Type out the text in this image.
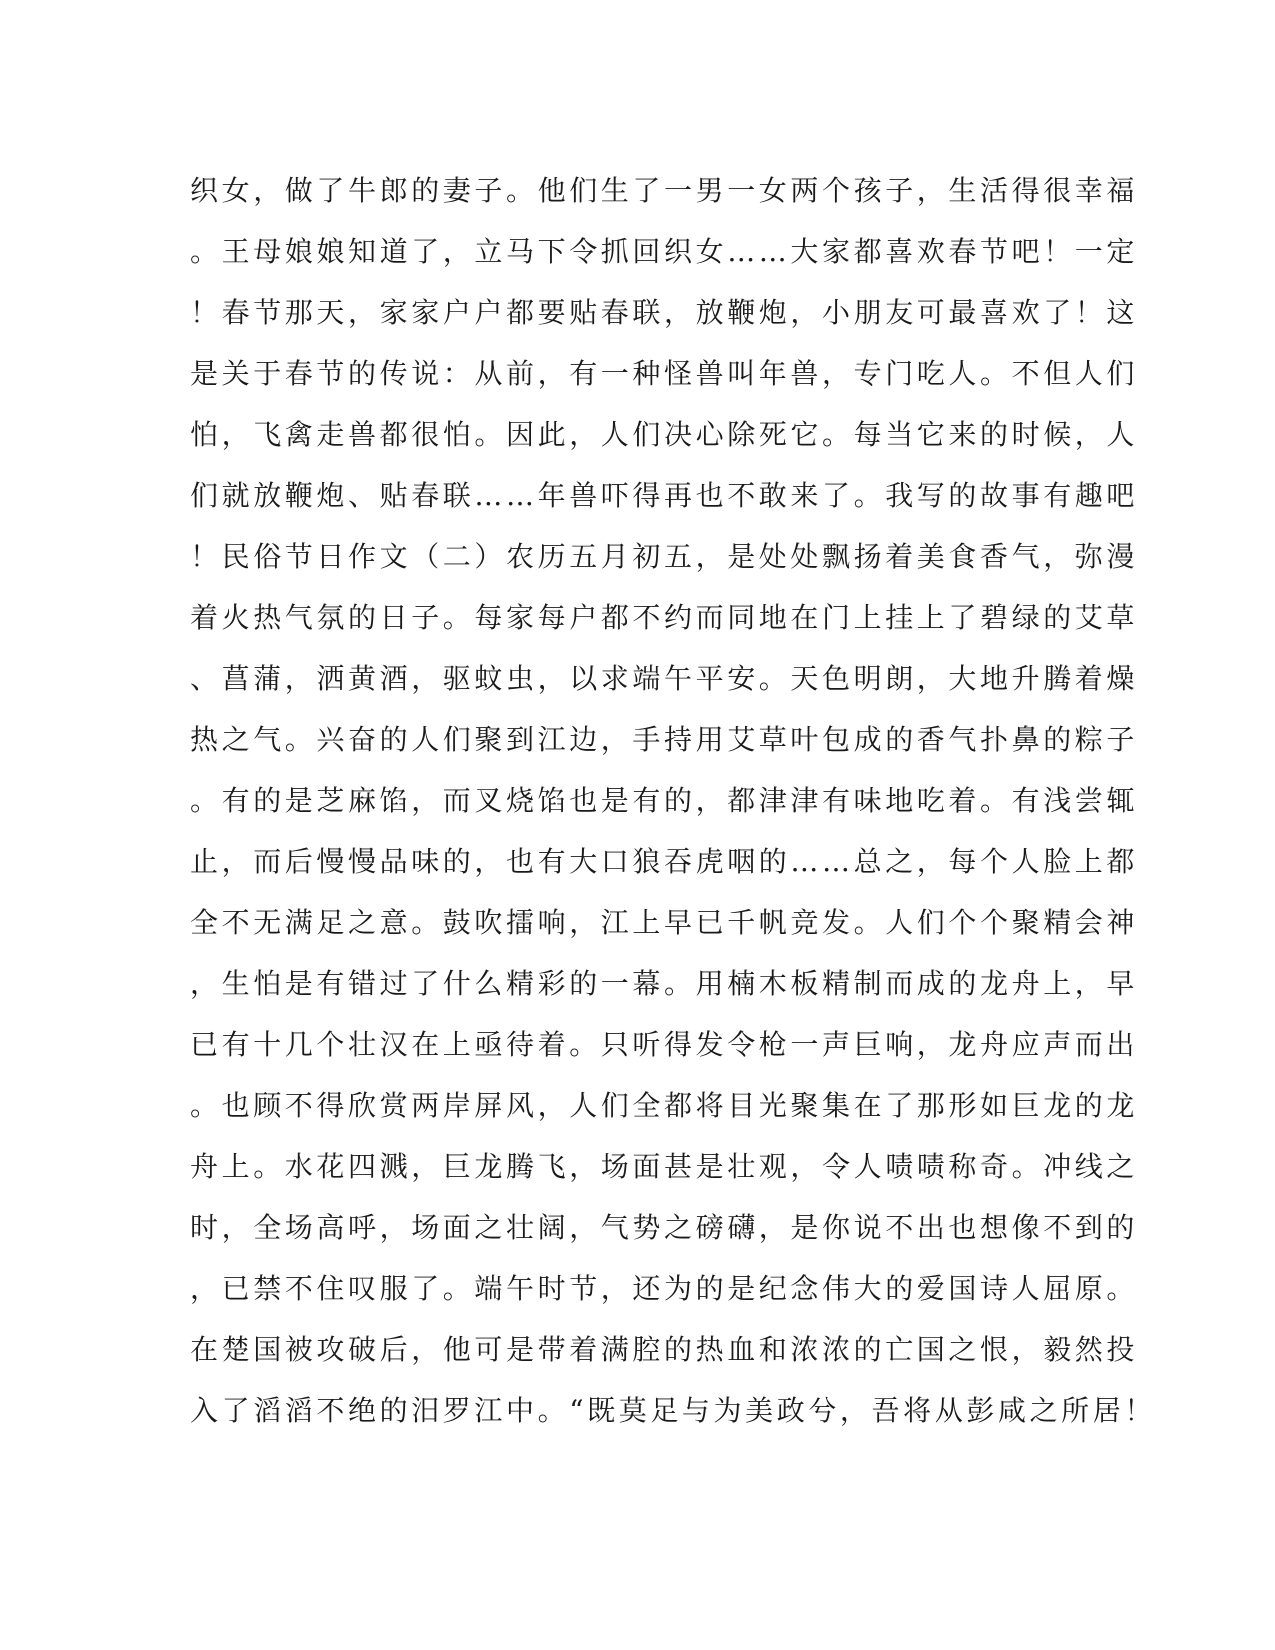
织女，做了牛郎的妻子。他们生了一男一女两个孩子，生活得很幸福
。王母娘娘知道了，立马下令抓回织女……大家都喜欢春节吧！一定
！春节那天，家家户户都要贴春联，放鞭炮，小朋友可最喜欢了！这
是关于春节的传说：从前，有一种怪兽叫年兽，专门吃人。不但人们
怕，飞禽走兽都很怕。因此，人们决心除死它。每当它来的时候，人
们就放鞭炮、贴春联……年兽吓得再也不敢来了。我写的故事有趣吧
！民俗节日作文（二）农历五月初五，是处处飘扬着美食香气，弥漫
着火热气氛的日子。每家每户都不约而同地在门上挂上了碧绿的艾草
、菖蒲，洒黄酒，驱蚊虫，以求端午平安。天色明朗，大地升腾着燥
热之气。兴奋的人们聚到江边，手持用艾草叶包成的香气扑鼻的粽子
。有的是芝麻馅，而叉烧馅也是有的，都津津有味地吃着。有浅尝辄
止，而后慢慢品味的，也有大口狼吞虎咽的……总之，每个人脸上都
全不无满足之意。鼓吹擂响，江上早已千帆竞发。人们个个聚精会神
，生怕是有错过了什么精彩的一幕。用楠木板精制而成的龙舟上，早
已有十几个壮汉在上亟待着。只听得发令枪一声巨响，龙舟应声而出
。也顾不得欣赏两岸屏风，人们全都将目光聚集在了那形如巨龙的龙
舟上。水花四溅，巨龙腾飞，场面甚是壮观，令人啧啧称奇。冲线之
时，全场高呼，场面之壮阔，气势之磅礴，是你说不出也想像不到的
，已禁不住叹服了。端午时节，还为的是纪念伟大的爱国诗人屈原。
在楚国被攻破后，他可是带着满腔的热血和浓浓的亡国之恨，毅然投
入了滔滔不绝的汨罗江中。“既莫足与为美政兮，吾将从彭咸之所居！
